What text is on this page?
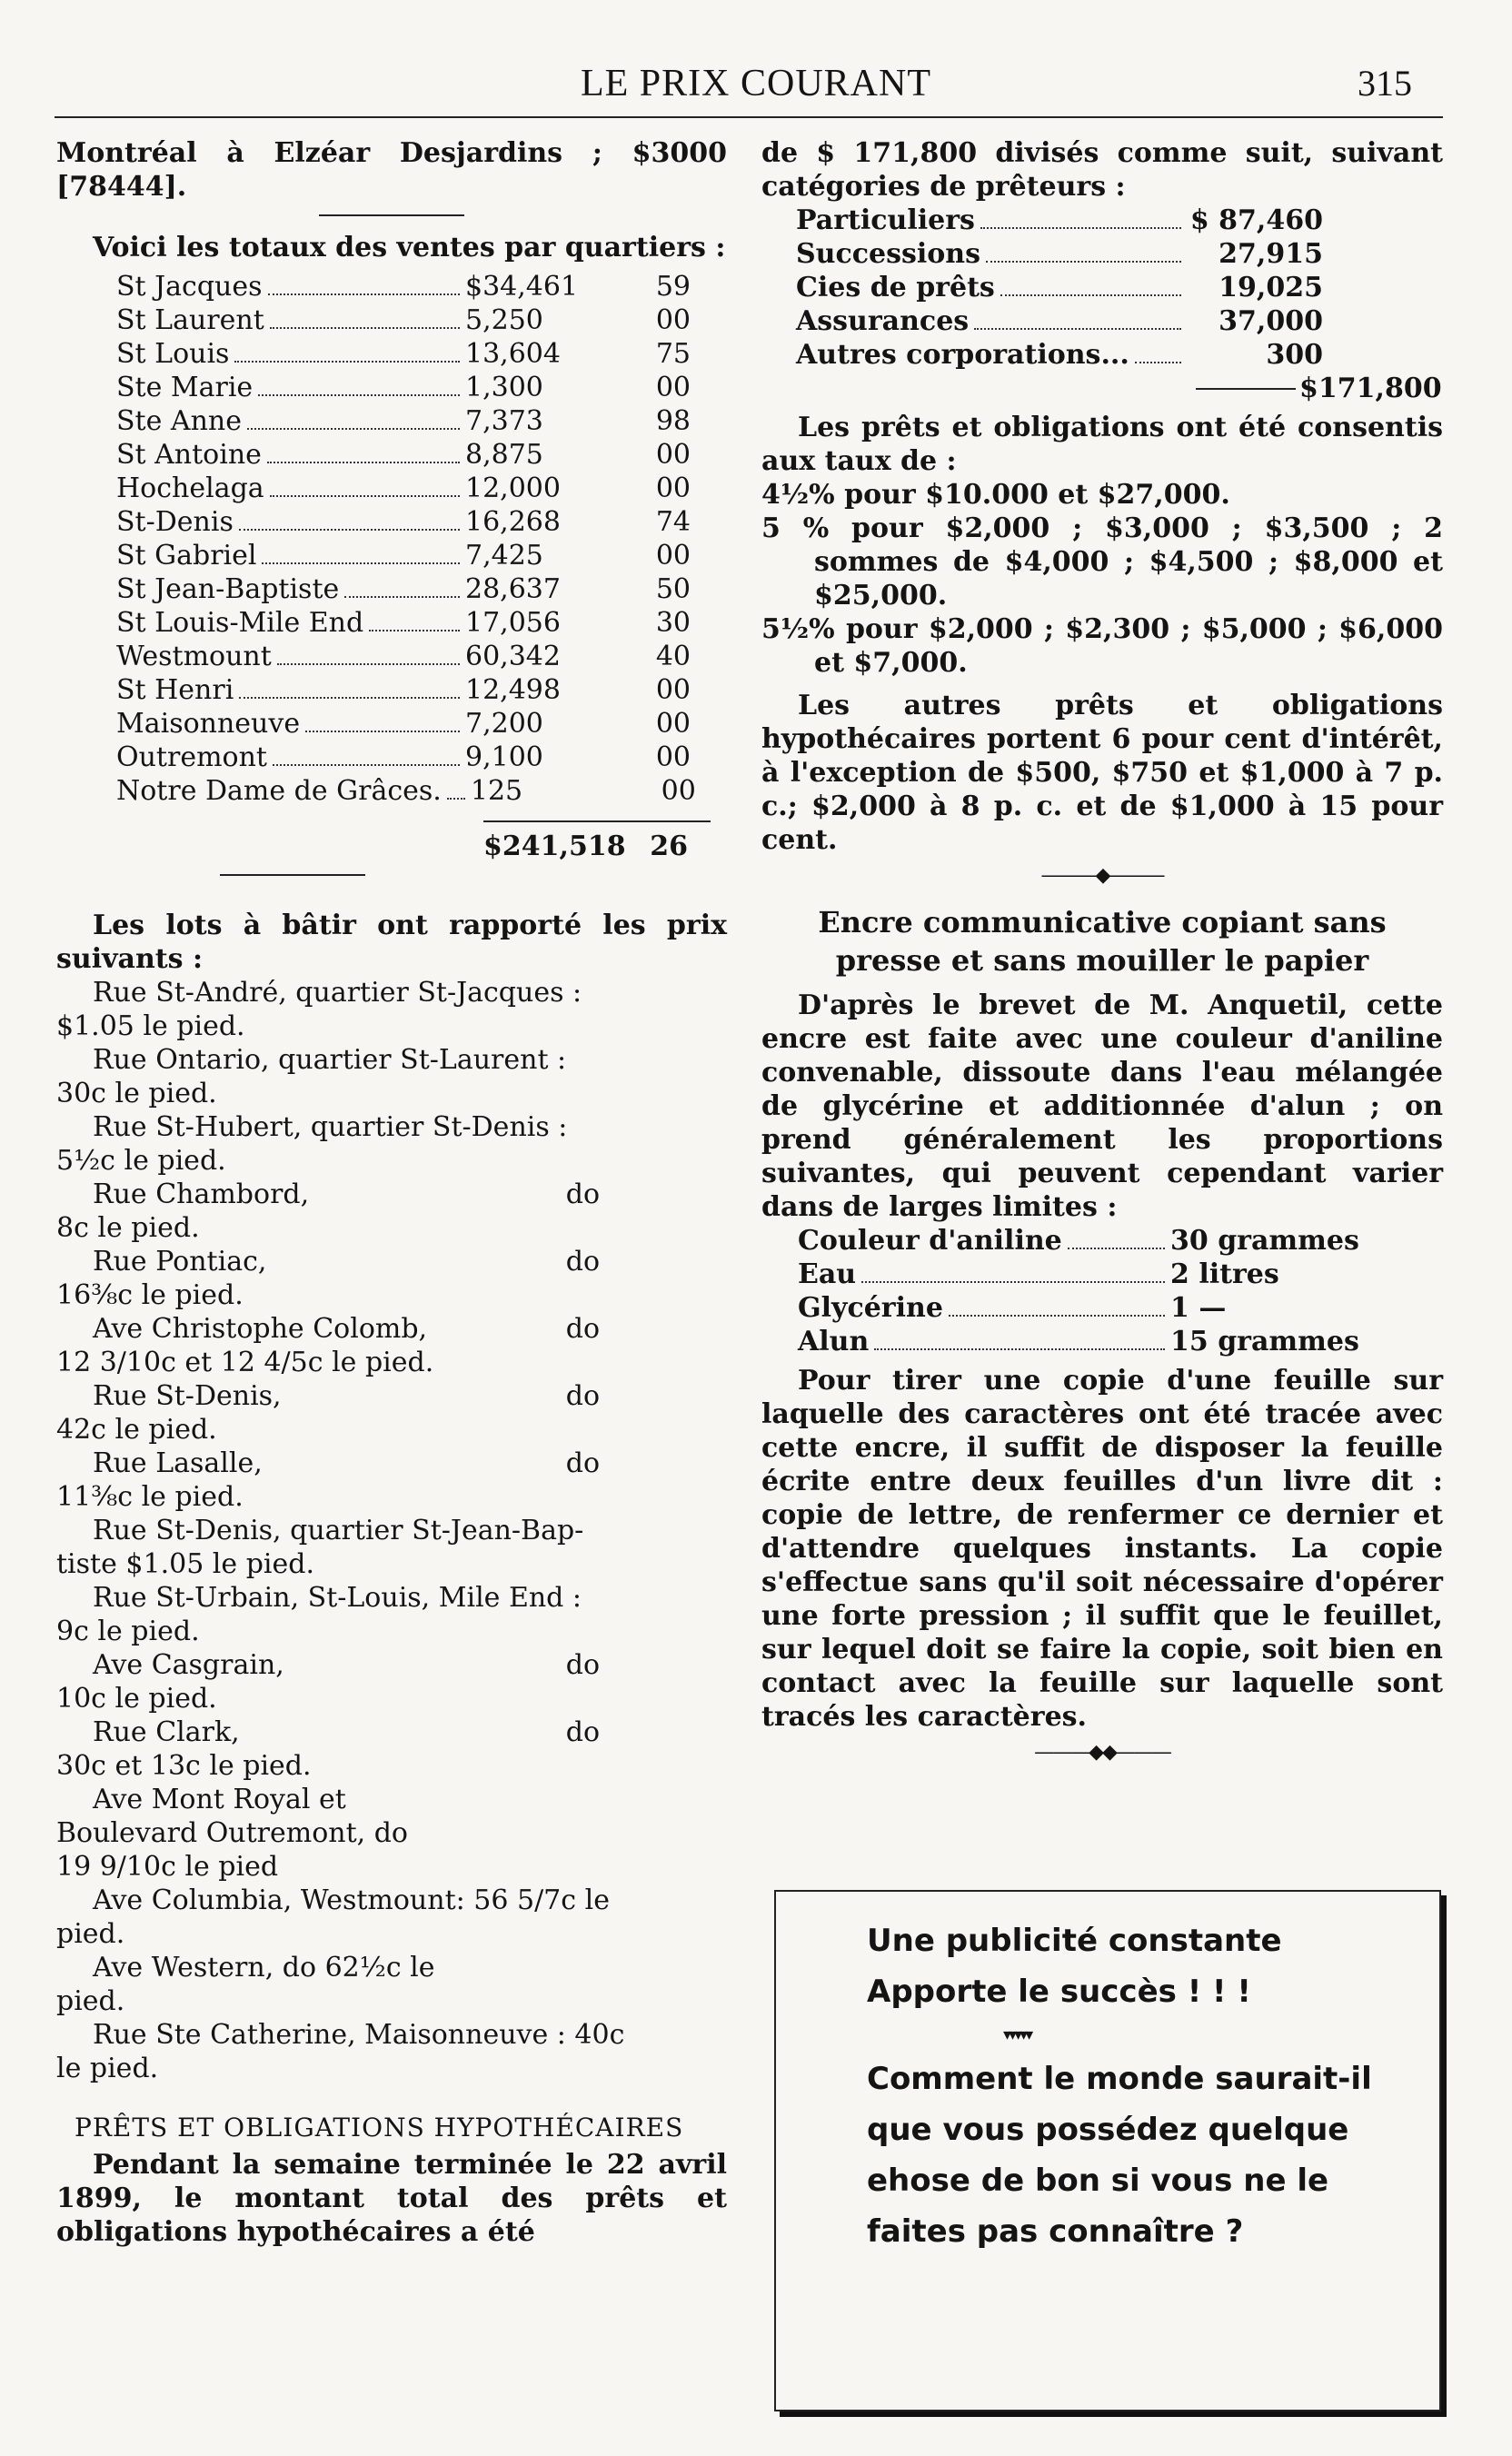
LE PRIX COURANT	315

Montréal à Elzéar Desjardins ; $3000 [78444].

Voici les totaux des ventes par quartiers :

St Jacques	$34,461	59
St Laurent	5,250	00
St Louis	13,604	75
Ste Marie	1,300	00
Ste Anne	7,373	98
St Antoine	8,875	00
Hochelaga	12,000	00
St-Denis	16,268	74
St Gabriel	7,425	00
St Jean-Baptiste	28,637	50
St Louis-Mile End	17,056	30
Westmount	60,342	40
St Henri	12,498	00
Maisonneuve	7,200	00
Outremont	9,100	00
Notre Dame de Grâces. 125	00
$241,518 26

Les lots à bâtir ont rapporté les prix suivants :

Rue St-André, quartier St-Jacques :
$1.05 le pied.
Rue Ontario, quartier St-Laurent :
30c le pied.
Rue St-Hubert, quartier St-Denis :
5½c le pied.
Rue Chambord,	do
8c le pied.
Rue Pontiac,	do
16⅜c le pied.
Ave Christophe Colomb,	do
12 3/10c et 12 4/5c le pied.
Rue St-Denis,	do
42c le pied.
Rue Lasalle,	do
11⅜c le pied.
Rue St-Denis, quartier St-Jean-Bap-
tiste $1.05 le pied.
Rue St-Urbain, St-Louis, Mile End :
9c le pied.
Ave Casgrain,	do
10c le pied.
Rue Clark,	do
30c et 13c le pied.
Ave Mont Royal et
Boulevard Outremont, do
19 9/10c le pied
Ave Columbia, Westmount: 56 5/7c le
pied.
Ave Western, do 62½c le
pied.
Rue Ste Catherine, Maisonneuve : 40c
le pied.
PRÊTS ET OBLIGATIONS HYPOTHÉCAIRES

Pendant la semaine terminée le 22 avril 1899, le montant total des prêts et obligations hypothécaires a été

de $ 171,800 divisés comme suit, suivant catégories de prêteurs :

Particuliers	$ 87,460
Successions	27,915
Cies de prêts	19,025
Assurances	37,000
Autres corporations...	300
$171,800

Les prêts et obligations ont été consentis aux taux de :

4½% pour $10.000 et $27,000.

5 % pour $2,000 ; $3,000 ; $3,500 ; 2 sommes de $4,000 ; $4,500 ; $8,000 et $25,000.

5½% pour $2,000 ; $2,300 ; $5,000 ; $6,000 et $7,000.

Les autres prêts et obligations hypothécaires portent 6 pour cent d'intérêt, à l'exception de $500, $750 et $1,000 à 7 p. c.; $2,000 à 8 p. c. et de $1,000 à 15 pour cent.

———◆———
Encre communicative copiant sans presse et sans mouiller le papier

D'après le brevet de M. Anquetil, cette encre est faite avec une couleur d'aniline convenable, dissoute dans l'eau mélangée de glycérine et additionnée d'alun ; on prend généralement les proportions suivantes, qui peuvent cependant varier dans de larges limites :

Couleur d'aniline	30 grammes
Eau	2 litres
Glycérine	1 —
Alun	15 grammes

Pour tirer une copie d'une feuille sur laquelle des caractères ont été tracée avec cette encre, il suffit de disposer la feuille écrite entre deux feuilles d'un livre dit : copie de lettre, de renfermer ce dernier et d'attendre quelques instants. La copie s'effectue sans qu'il soit nécessaire d'opérer une forte pression ; il suffit que le feuillet, sur lequel doit se faire la copie, soit bien en contact avec la feuille sur laquelle sont tracés les caractères.

———◆◆———
Une publicité constante
Apporte le succès ! ! !
▾▾▾▾▾
Comment le monde saurait-il que vous possédez quelque ehose de bon si vous ne le faites pas connaître ?
